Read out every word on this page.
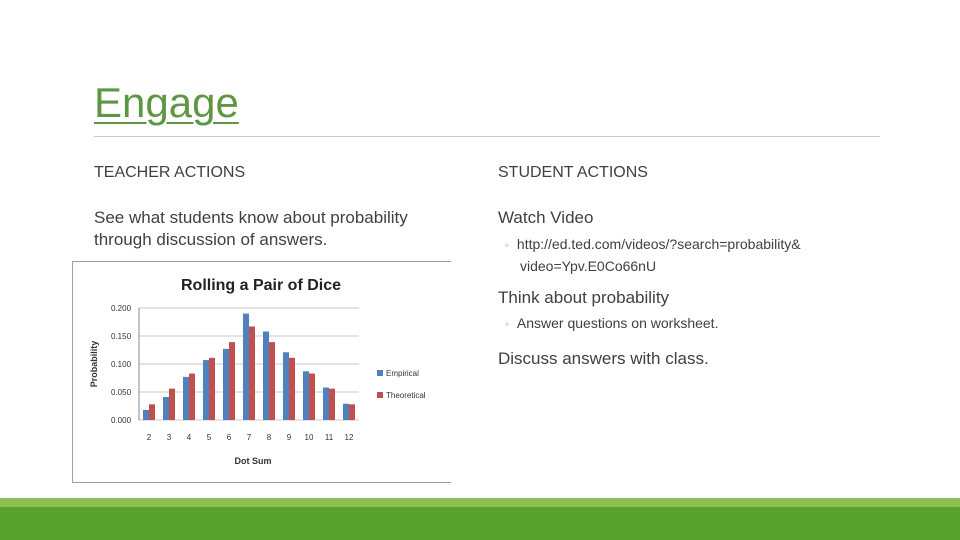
Engage
TEACHER ACTIONS
See what students know about probability
through discussion of answers.
STUDENT ACTIONS
Watch Video
◦ http://ed.ted.com/videos/?search=probability&
video=Ypv.E0Co66nU
Think about probability
◦ Answer questions on worksheet.
Discuss answers with class.
Rolling a Pair of Dice
0.000
0.050
0.100
0.150
0.200
2 3 4 5 6 7 8 9 10 11 12
Dot Sum
Probability	Empirical
Theoretical
